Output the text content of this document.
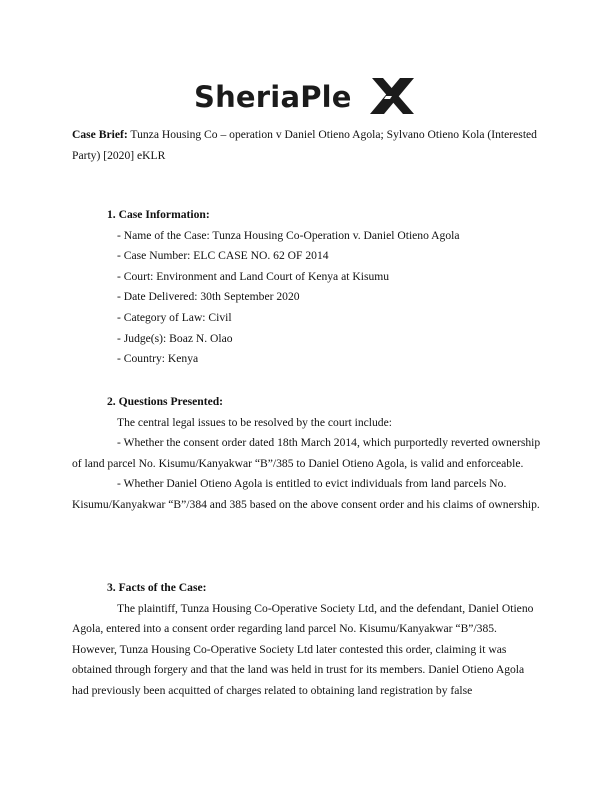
SheriaPle
Case Brief: Tunza Housing Co – operation v Daniel Otieno Agola; Sylvano Otieno Kola (Interested Party) [2020] eKLR
1. Case Information:
- Name of the Case: Tunza Housing Co-Operation v. Daniel Otieno Agola
- Case Number: ELC CASE NO. 62 OF 2014
- Court: Environment and Land Court of Kenya at Kisumu
- Date Delivered: 30th September 2020
- Category of Law: Civil
- Judge(s): Boaz N. Olao
- Country: Kenya
2. Questions Presented:
The central legal issues to be resolved by the court include:

- Whether the consent order dated 18th March 2014, which purportedly reverted ownership of land parcel No. Kisumu/Kanyakwar “B”/385 to Daniel Otieno Agola, is valid and enforceable.

- Whether Daniel Otieno Agola is entitled to evict individuals from land parcels No. Kisumu/Kanyakwar “B”/384 and 385 based on the above consent order and his claims of ownership.

3. Facts of the Case:

The plaintiff, Tunza Housing Co-Operative Society Ltd, and the defendant, Daniel Otieno Agola, entered into a consent order regarding land parcel No. Kisumu/Kanyakwar “B”/385. However, Tunza Housing Co-Operative Society Ltd later contested this order, claiming it was obtained through forgery and that the land was held in trust for its members. Daniel Otieno Agola had previously been acquitted of charges related to obtaining land registration by false
